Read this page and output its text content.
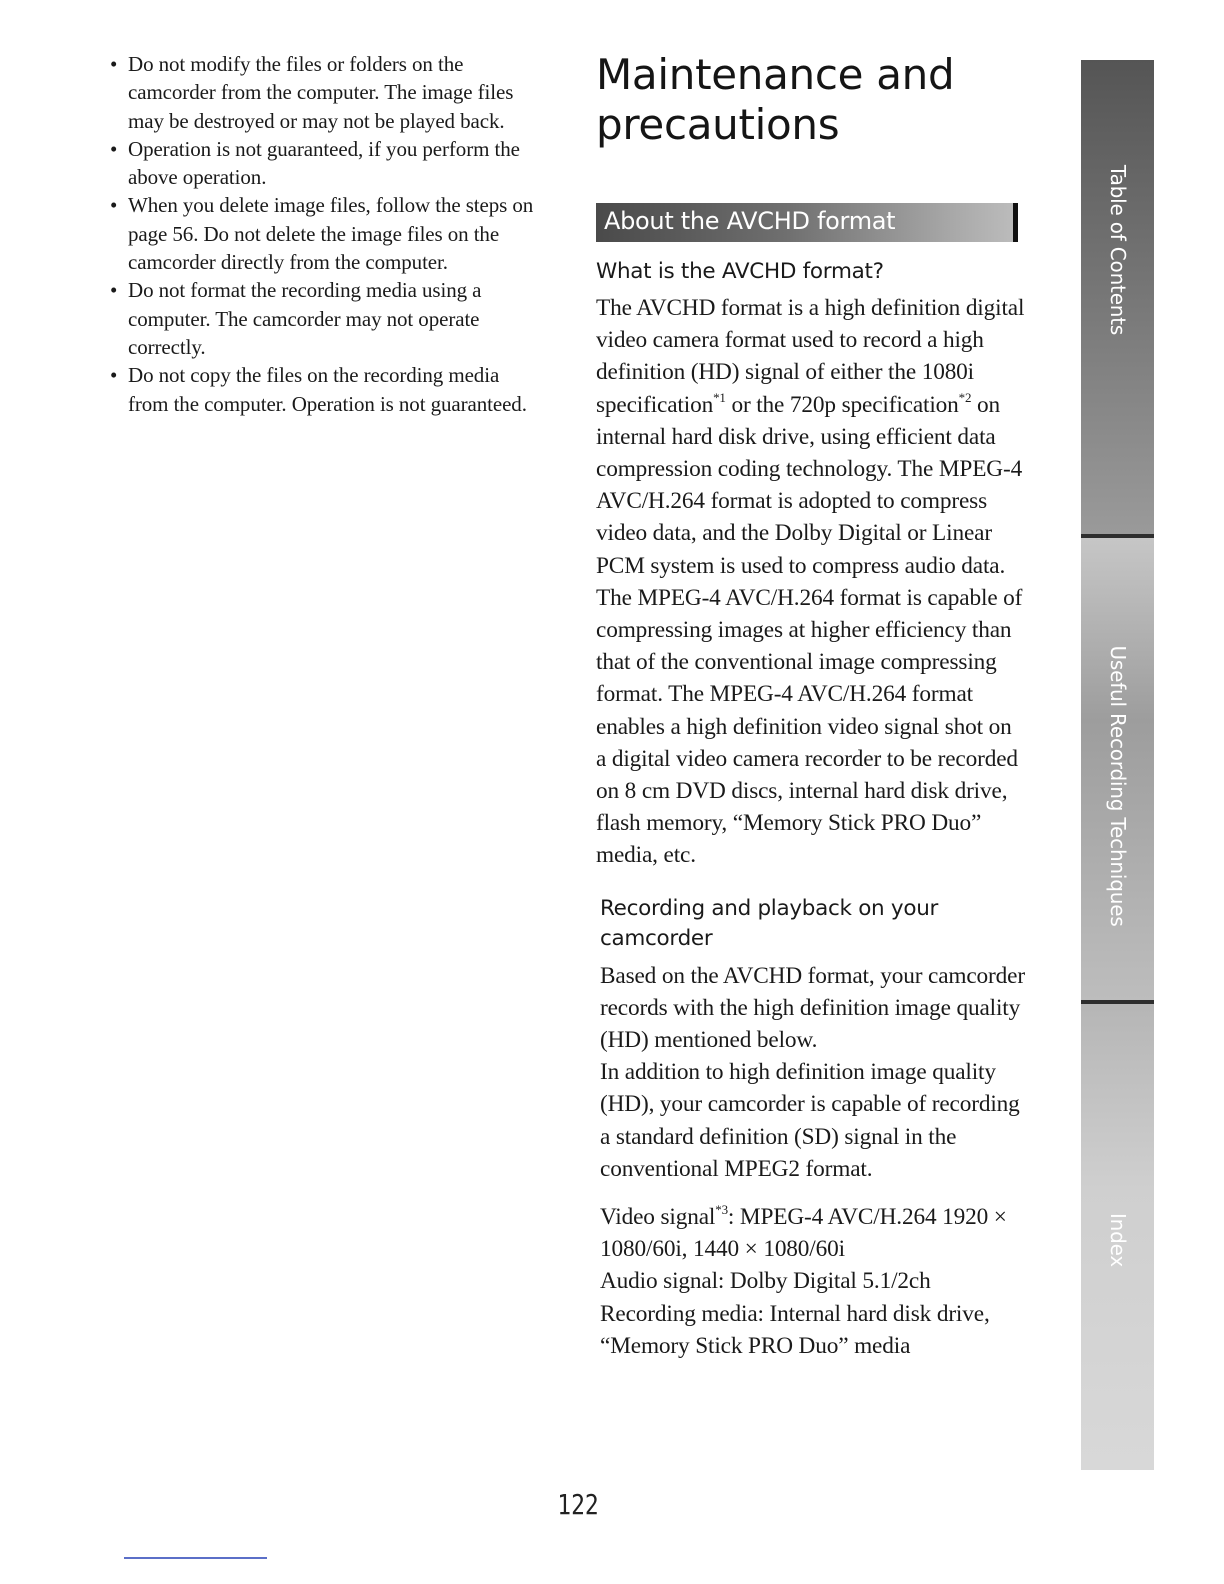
• Do not modify the files or folders on the camcorder from the computer. The image files may be destroyed or may not be played back.
• Operation is not guaranteed, if you perform the above operation.
• When you delete image files, follow the steps on page 56. Do not delete the image files on the camcorder directly from the computer.
• Do not format the recording media using a computer. The camcorder may not operate correctly.
• Do not copy the files on the recording media from the computer. Operation is not guaranteed.
Maintenance and
precautions
About the AVCHD format

What is the AVCHD format?

The AVCHD format is a high definition digital video camera format used to record a high definition (HD) signal of either the 1080i specification$^{*1}$ or the 720p specification$^{*2}$ on internal hard disk drive, using efficient data compression coding technology. The MPEG-4 AVC/H.264 format is adopted to compress video data, and the Dolby Digital or Linear PCM system is used to compress audio data. The MPEG-4 AVC/H.264 format is capable of compressing images at higher efficiency than that of the conventional image compressing format. The MPEG-4 AVC/H.264 format enables a high definition video signal shot on a digital video camera recorder to be recorded on 8 cm DVD discs, internal hard disk drive, flash memory, “Memory Stick PRO Duo” media, etc.

Recording and playback on your camcorder

Based on the AVCHD format, your camcorder records with the high definition image quality (HD) mentioned below.

In addition to high definition image quality (HD), your camcorder is capable of recording a standard definition (SD) signal in the conventional MPEG2 format.

Video signal$^{*3}$: MPEG-4 AVC/H.264 1920 × 1080/60i, 1440 × 1080/60i

Audio signal: Dolby Digital 5.1/2ch

Recording media: Internal hard disk drive, “Memory Stick PRO Duo” media

122
Table of Contents
Useful Recording Techniques
Index
